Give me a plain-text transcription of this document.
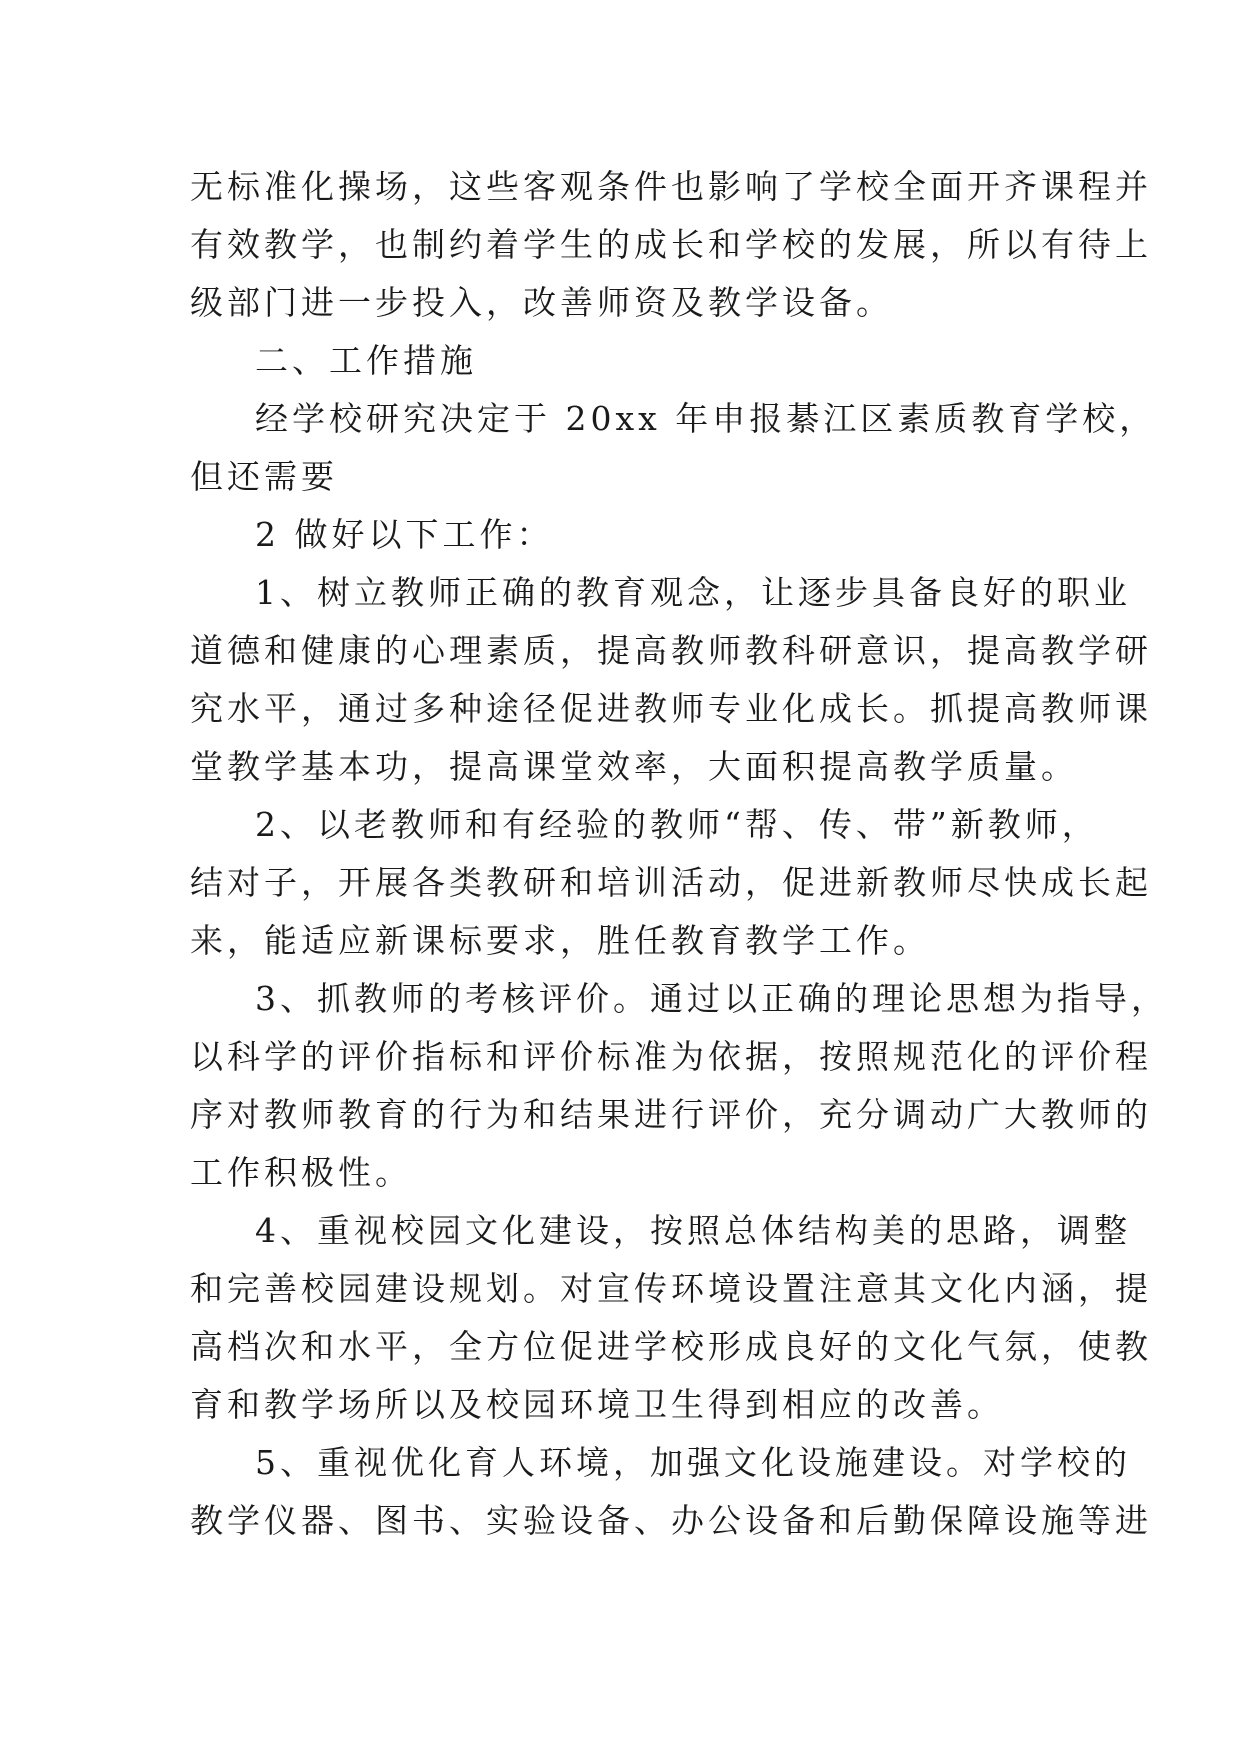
无标准化操场，这些客观条件也影响了学校全面开齐课程并
有效教学，也制约着学生的成长和学校的发展，所以有待上
级部门进一步投入，改善师资及教学设备。
二、工作措施
经学校研究决定于 20xx 年申报綦江区素质教育学校，
但还需要
2 做好以下工作：
1、树立教师正确的教育观念，让逐步具备良好的职业
道德和健康的心理素质，提高教师教科研意识，提高教学研
究水平，通过多种途径促进教师专业化成长。抓提高教师课
堂教学基本功，提高课堂效率，大面积提高教学质量。
2、以老教师和有经验的教师“帮、传、带”新教师，
结对子，开展各类教研和培训活动，促进新教师尽快成长起
来，能适应新课标要求，胜任教育教学工作。
3、抓教师的考核评价。通过以正确的理论思想为指导，
以科学的评价指标和评价标准为依据，按照规范化的评价程
序对教师教育的行为和结果进行评价，充分调动广大教师的
工作积极性。
4、重视校园文化建设，按照总体结构美的思路，调整
和完善校园建设规划。对宣传环境设置注意其文化内涵，提
高档次和水平，全方位促进学校形成良好的文化气氛，使教
育和教学场所以及校园环境卫生得到相应的改善。
5、重视优化育人环境，加强文化设施建设。对学校的
教学仪器、图书、实验设备、办公设备和后勤保障设施等进
